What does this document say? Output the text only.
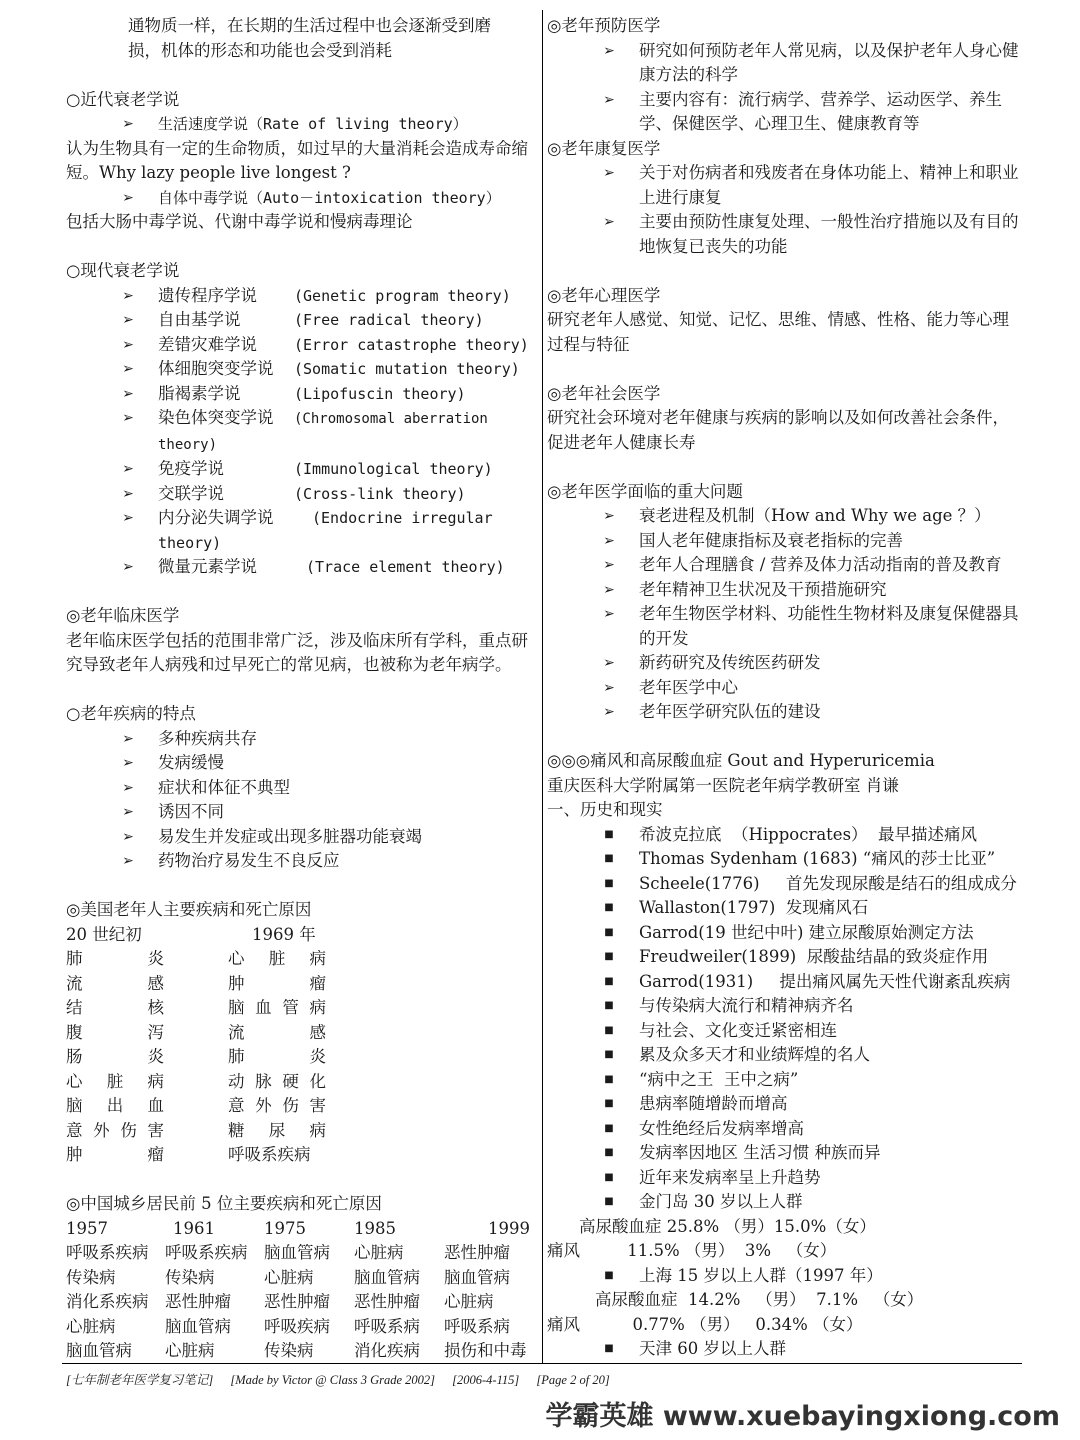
通物质一样，在长期的生活过程中也会逐渐受到磨
损，机体的形态和功能也会受到消耗
○近代衰老学说
➢	生活速度学说（Rate of living theory）
认为生物具有一定的生命物质，如过早的大量消耗会造成寿命缩短。Why lazy people live longest ?
➢	自体中毒学说（Auto－intoxication theory）
包括大肠中毒学说、代谢中毒学说和慢病毒理论
○现代衰老学说
➢	遗传程序学说 (Genetic program theory)
➢	自由基学说	(Free radical theory)
➢	差错灾难学说 (Error catastrophe theory)
➢	体细胞突变学说 (Somatic mutation theory)
➢	脂褐素学说	(Lipofuscin theory)
➢	染色体突变学说 (Chromosomal aberration theory)
➢	免疫学说	(Immunological theory)
➢	交联学说	(Cross-link theory)
➢	内分泌失调学说	(Endocrine irregular theory)
➢	微量元素学说	(Trace element theory)
◎老年临床医学
老年临床医学包括的范围非常广泛，涉及临床所有学科，重点研究导致老年人病残和过早死亡的常见病，也被称为老年病学。
○老年疾病的特点
➢	多种疾病共存
➢	发病缓慢
➢	症状和体征不典型
➢	诱因不同
➢	易发生并发症或出现多脏器功能衰竭
➢	药物治疗易发生不良反应
◎美国老年人主要疾病和死亡原因
20 世纪初	1969 年
肺炎	心脏病
流感	肿瘤
结核	脑血管病
腹泻	流感
肠炎	肺炎
心脏病	动脉硬化
脑出血	意外伤害
意外伤害	糖尿病
肿瘤	呼吸系疾病
◎中国城乡居民前 5 位主要疾病和死亡原因
1957	1961	1975	1985	1999
呼吸系疾病	呼吸系疾病	脑血管病	心脏病	恶性肿瘤
传染病	传染病	心脏病	脑血管病	脑血管病
消化系疾病	恶性肿瘤	恶性肿瘤	恶性肿瘤	心脏病
心脏病	脑血管病	呼吸疾病	呼吸系病	呼吸系病
脑血管病	心脏病	传染病	消化疾病	损伤和中毒
◎老年预防医学
➢	研究如何预防老年人常见病，以及保护老年人身心健康方法的科学
➢	主要内容有：流行病学、营养学、运动医学、养生学、保健医学、心理卫生、健康教育等
◎老年康复医学
➢	关于对伤病者和残废者在身体功能上、精神上和职业上进行康复
➢	主要由预防性康复处理、一般性治疗措施以及有目的地恢复已丧失的功能
◎老年心理医学
研究老年人感觉、知觉、记忆、思维、情感、性格、能力等心理过程与特征
◎老年社会医学
研究社会环境对老年健康与疾病的影响以及如何改善社会条件，促进老年人健康长寿
◎老年医学面临的重大问题
➢	衰老进程及机制（How and Why we age ？）
➢	国人老年健康指标及衰老指标的完善
➢	老年人合理膳食 / 营养及体力活动指南的普及教育
➢	老年精神卫生状况及干预措施研究
➢	老年生物医学材料、功能性生物材料及康复保健器具的开发
➢	新药研究及传统医药研发
➢	老年医学中心
➢	老年医学研究队伍的建设
◎◎◎痛风和高尿酸血症 Gout and Hyperuricemia
重庆医科大学附属第一医院老年病学教研室 肖谦
一、历史和现实
■	希波克拉底  （Hippocrates）  最早描述痛风
■	Thomas Sydenham (1683) “痛风的莎士比亚”
■	Scheele(1776)     首先发现尿酸是结石的组成成分
■	Wallaston(1797)  发现痛风石
■	Garrod(19 世纪中叶) 建立尿酸原始测定方法
■	Freudweiler(1899)  尿酸盐结晶的致炎症作用
■	Garrod(1931)     提出痛风属先天性代谢紊乱疾病
■	与传染病大流行和精神病齐名
■	与社会、文化变迁紧密相连
■	累及众多天才和业绩辉煌的名人
■	“病中之王  王中之病”
■	患病率随增龄而增高
■	女性绝经后发病率增高
■	发病率因地区 生活习惯 种族而异
■	近年来发病率呈上升趋势
■	金门岛 30 岁以上人群
高尿酸血症 25.8% （男）15.0%（女）
痛风         11.5% （男）  3%   （女）
■	上海 15 岁以上人群（1997 年）
高尿酸血症  14.2%   （男）  7.1%   （女）
痛风          0.77% （男）   0.34% （女）
■	天津 60 岁以上人群
[七年制老年医学复习笔记] [Made by Victor @ Class 3 Grade 2002] [2006-4-115] [Page 2 of 20]
学霸英雄 www.xuebayingxiong.com
